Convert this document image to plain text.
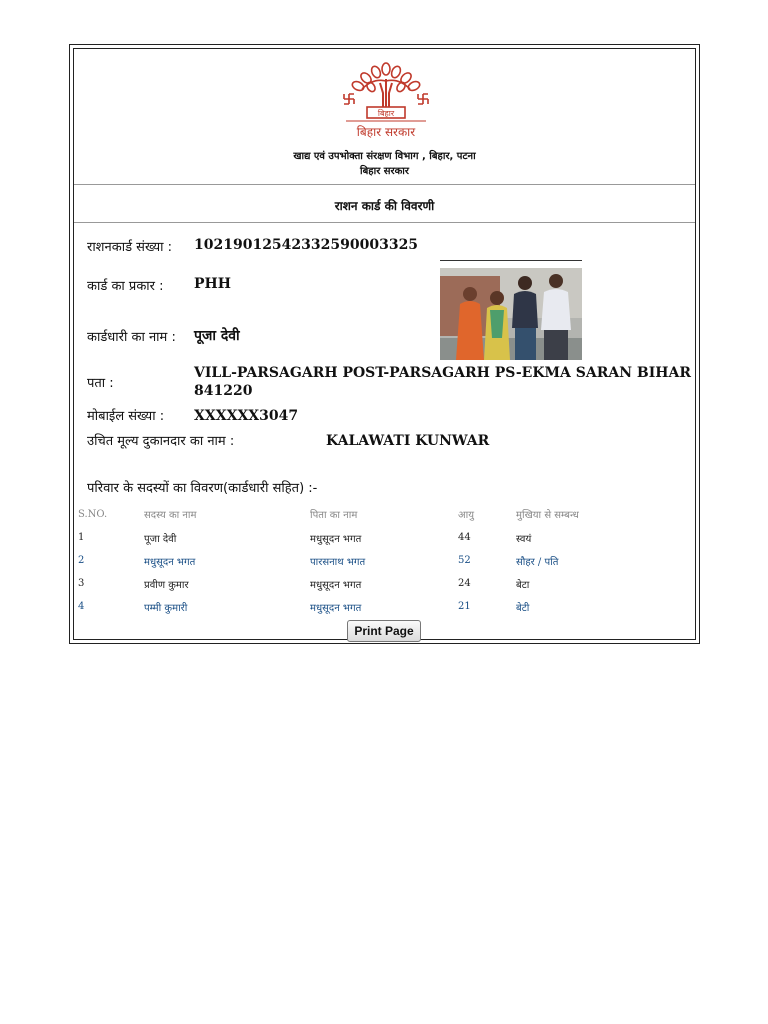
बिहार
बिहार सरकार
खाद्य एवं उपभोक्ता संरक्षण विभाग , बिहार, पटना
बिहार सरकार
राशन कार्ड की विवरणी
राशनकार्ड संख्या : 10219012542332590003325
कार्ड का प्रकार : PHH
कार्डधारी का नाम : पूजा देवी
पता :
VILL-PARSAGARH POST-PARSAGARH PS-EKMA SARAN BIHAR 841220
मोबाईल संख्या : XXXXXX3047
उचित मूल्य दुकानदार का नाम :	KALAWATI KUNWAR
परिवार के सदस्यों का विवरण(कार्डधारी सहित) :-
S.NO.	सदस्य का नाम	पिता का नाम	आयु	मुखिया से सम्बन्ध
1	पूजा देवी	मधुसूदन भगत	44	स्वयं
2	मधुसूदन भगत	पारसनाथ भगत	52	सौहर / पति
3	प्रवीण कुमार	मधुसूदन भगत	24	बेटा
4	पम्मी कुमारी	मधुसूदन भगत	21	बेटी
Print Page
